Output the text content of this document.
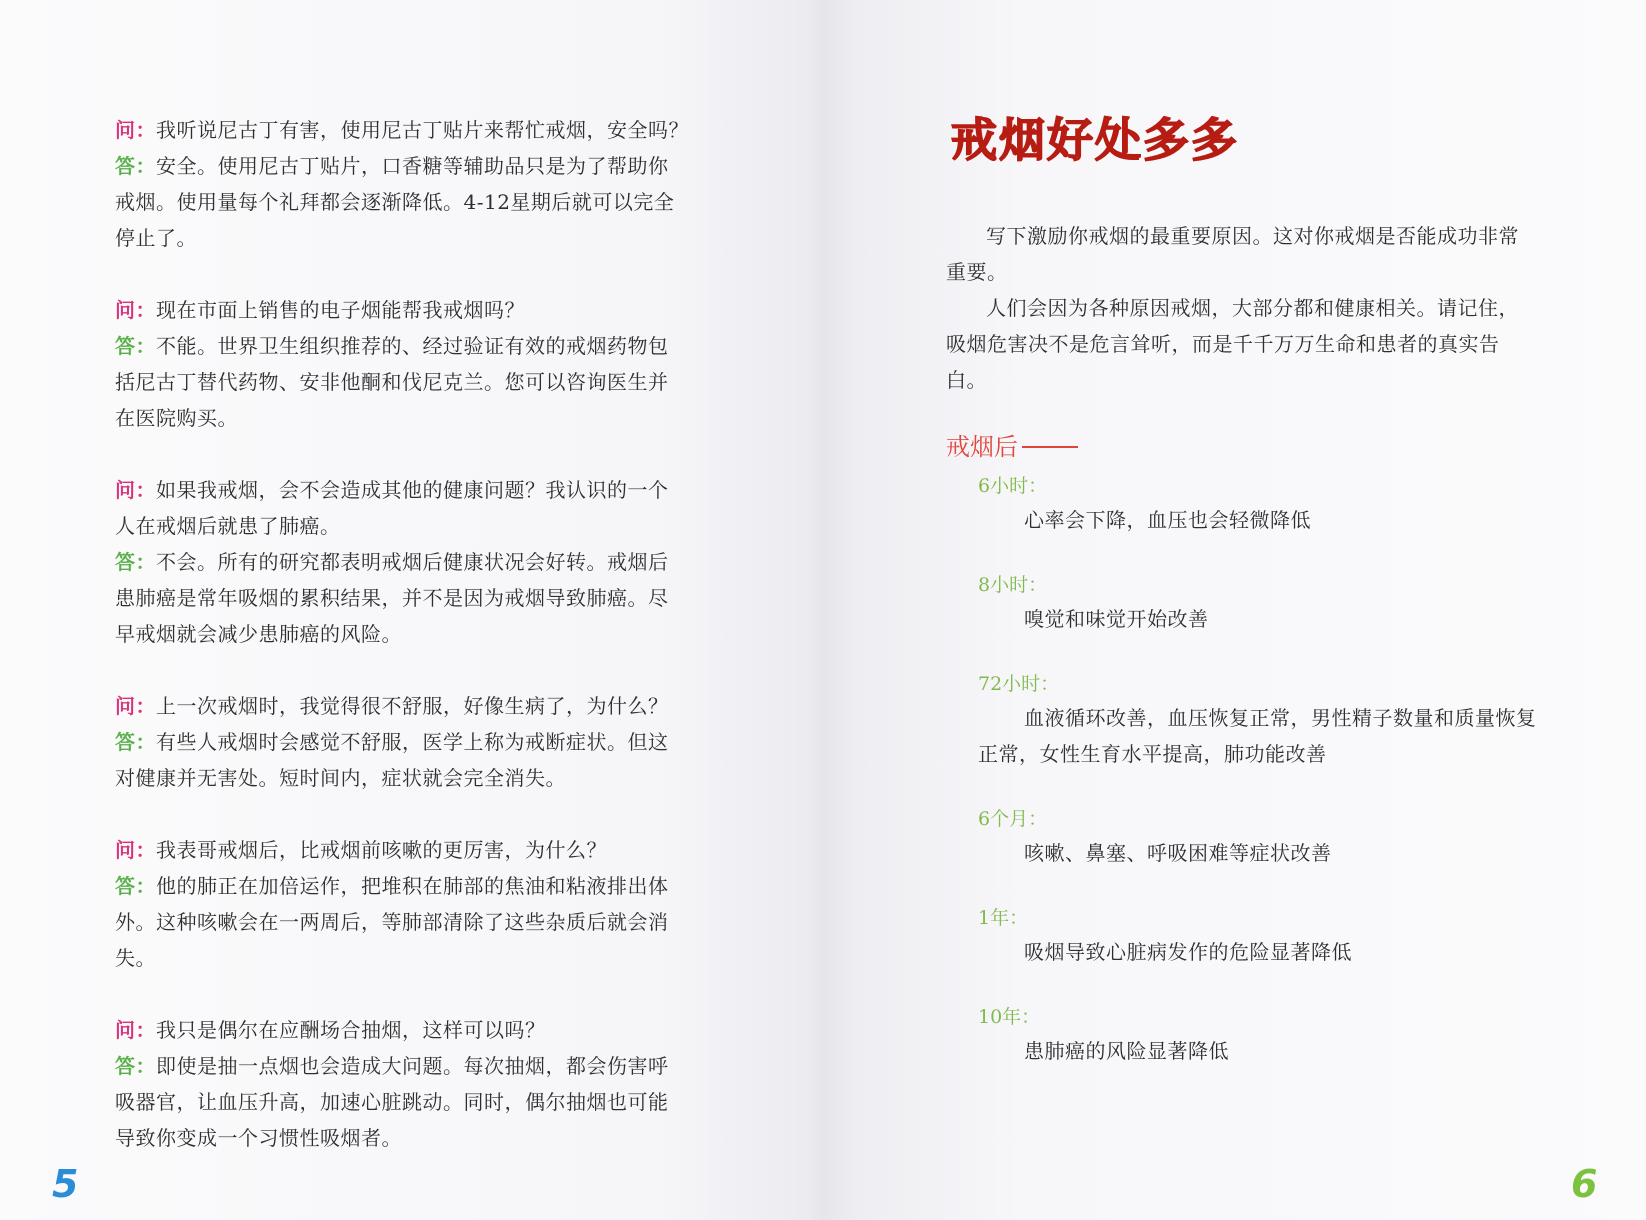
问：我听说尼古丁有害，使用尼古丁贴片来帮忙戒烟，安全吗？

答：安全。使用尼古丁贴片，口香糖等辅助品只是为了帮助你

戒烟。使用量每个礼拜都会逐渐降低。4-12星期后就可以完全

停止了。

问：现在市面上销售的电子烟能帮我戒烟吗？

答：不能。世界卫生组织推荐的、经过验证有效的戒烟药物包

括尼古丁替代药物、安非他酮和伐尼克兰。您可以咨询医生并

在医院购买。

问：如果我戒烟，会不会造成其他的健康问题？我认识的一个

人在戒烟后就患了肺癌。

答：不会。所有的研究都表明戒烟后健康状况会好转。戒烟后

患肺癌是常年吸烟的累积结果，并不是因为戒烟导致肺癌。尽

早戒烟就会减少患肺癌的风险。

问：上一次戒烟时，我觉得很不舒服，好像生病了，为什么？

答：有些人戒烟时会感觉不舒服，医学上称为戒断症状。但这

对健康并无害处。短时间内，症状就会完全消失。

问：我表哥戒烟后，比戒烟前咳嗽的更厉害，为什么？

答：他的肺正在加倍运作，把堆积在肺部的焦油和粘液排出体

外。这种咳嗽会在一两周后，等肺部清除了这些杂质后就会消

失。

问：我只是偶尔在应酬场合抽烟，这样可以吗？

答：即使是抽一点烟也会造成大问题。每次抽烟，都会伤害呼

吸器官，让血压升高，加速心脏跳动。同时，偶尔抽烟也可能

导致你变成一个习惯性吸烟者。

5
戒烟好处多多

写下激励你戒烟的最重要原因。这对你戒烟是否能成功非常重要。

人们会因为各种原因戒烟，大部分都和健康相关。请记住，吸烟危害决不是危言耸听，而是千千万万生命和患者的真实告白。

戒烟后
6小时：

心率会下降，血压也会轻微降低

8小时：

嗅觉和味觉开始改善

72小时：

血液循环改善，血压恢复正常，男性精子数量和质量恢复正常，女性生育水平提高，肺功能改善

6个月：

咳嗽、鼻塞、呼吸困难等症状改善

1年：

吸烟导致心脏病发作的危险显著降低

10年：

患肺癌的风险显著降低

6
